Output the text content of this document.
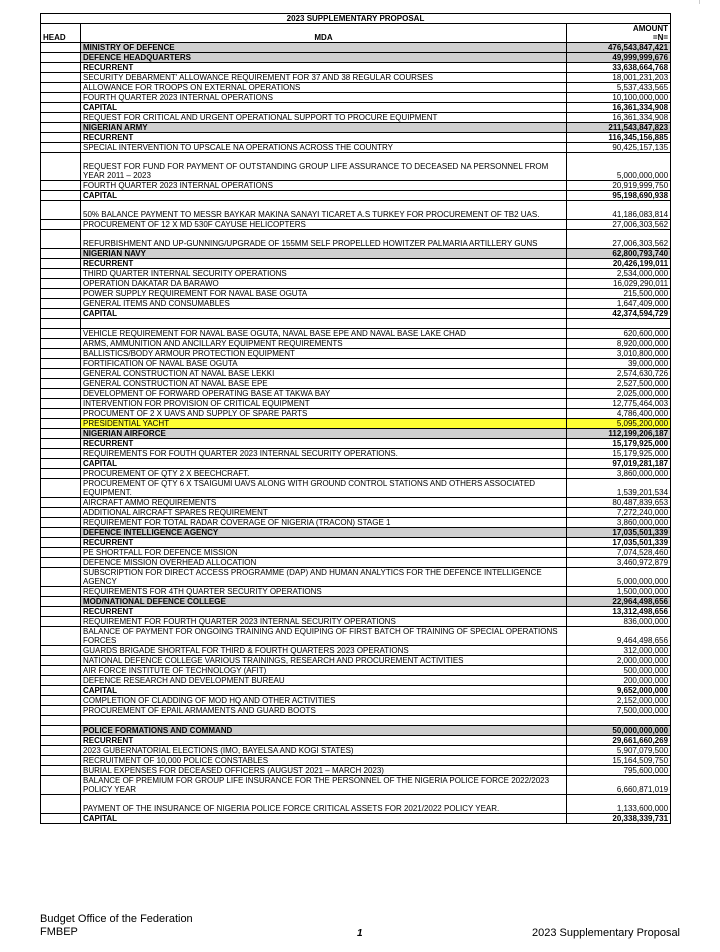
2023 SUPPLEMENTARY PROPOSAL		
HEAD	MDA	AMOUNT
=N=
	MINISTRY OF DEFENCE	476,543,847,421
	DEFENCE HEADQUARTERS	49,999,999,676
	RECURRENT	33,638,664,768
	SECURITY DEBARMENT' ALLOWANCE REQUIREMENT FOR 37 AND 38 REGULAR COURSES	18,001,231,203
	ALLOWANCE FOR TROOPS ON EXTERNAL OPERATIONS	5,537,433,565
	FOURTH QUARTER 2023 INTERNAL OPERATIONS	10,100,000,000
	CAPITAL	16,361,334,908
	REQUEST FOR CRITICAL AND URGENT OPERATIONAL SUPPORT TO PROCURE EQUIPMENT	16,361,334,908
	NIGERIAN ARMY	211,543,847,823
	RECURRENT	116,345,156,885
	SPECIAL INTERVENTION TO UPSCALE NA OPERATIONS ACROSS THE COUNTRY	90,425,157,135
	REQUEST FOR FUND FOR PAYMENT OF OUTSTANDING GROUP LIFE ASSURANCE TO DECEASED NA PERSONNEL FROM YEAR 2011 – 2023	5,000,000,000
	FOURTH QUARTER 2023 INTERNAL OPERATIONS	20,919,999,750
	CAPITAL	95,198,690,938
	50% BALANCE PAYMENT TO MESSR BAYKAR MAKINA SANAYI TICARET A.S TURKEY FOR PROCUREMENT OF TB2 UAS.	41,186,083,814
	PROCUREMENT OF 12 X MD 530F CAYUSE HELICOPTERS	27,006,303,562
	REFURBISHMENT AND UP-GUNNING/UPGRADE OF 155MM SELF PROPELLED HOWITZER PALMARIA ARTILLERY GUNS	27,006,303,562
	NIGERIAN NAVY	62,800,793,740
	RECURRENT	20,426,199,011
	THIRD QUARTER INTERNAL SECURITY OPERATIONS	2,534,000,000
	OPERATION DAKATAR DA BARAWO	16,029,290,011
	POWER SUPPLY REQUIREMENT FOR NAVAL BASE OGUTA	215,500,000
	GENERAL ITEMS AND CONSUMABLES	1,647,409,000
	CAPITAL	42,374,594,729

	VEHICLE REQUIREMENT FOR NAVAL BASE OGUTA, NAVAL BASE EPE AND NAVAL BASE LAKE CHAD	620,600,000
	ARMS, AMMUNITION AND ANCILLARY EQUIPMENT REQUIREMENTS	8,920,000,000
	BALLISTICS/BODY ARMOUR PROTECTION EQUIPMENT	3,010,800,000
	FORTIFICATION OF NAVAL BASE OGUTA	39,000,000
	GENERAL CONSTRUCTION AT NAVAL BASE LEKKI	2,574,630,726
	GENERAL CONSTRUCTION AT NAVAL BASE EPE	2,527,500,000
	DEVELOPMENT OF FORWARD OPERATING BASE AT TAKWA BAY	2,025,000,000
	INTERVENTION FOR PROVISION OF CRITICAL EQUIPMENT	12,775,464,003
	PROCUMENT OF 2 X UAVS AND SUPPLY OF SPARE PARTS	4,786,400,000
	PRESIDENTIAL YACHT	5,095,200,000
	NIGERIAN AIRFORCE	112,199,206,187
	RECURRENT	15,179,925,000
	REQUIREMENTS FOR FOUTH QUARTER 2023 INTERNAL SECURITY OPERATIONS.	15,179,925,000
	CAPITAL	97,019,281,187
	PROCUREMENT OF QTY 2 X BEECHCRAFT.	3,860,000,000
	PROCUREMENT OF QTY 6 X TSAIGUMI UAVS ALONG WITH GROUND CONTROL STATIONS AND OTHERS ASSOCIATED EQUIPMENT.	1,539,201,534
	AIRCRAFT AMMO REQUIREMENTS	80,487,839,653
	ADDITIONAL AIRCRAFT SPARES REQUIREMENT	7,272,240,000
	REQUIREMENT FOR TOTAL RADAR COVERAGE OF NIGERIA (TRACON) STAGE 1	3,860,000,000
	DEFENCE INTELLIGENCE AGENCY	17,035,501,339
	RECURRENT	17,035,501,339
	PE SHORTFALL FOR DEFENCE MISSION	7,074,528,460
	DEFENCE MISSION OVERHEAD ALLOCATION	3,460,972,879
	SUBSCRIPTION FOR DIRECT ACCESS PROGRAMME (DAP) AND HUMAN ANALYTICS FOR THE DEFENCE INTELLIGENCE AGENCY	5,000,000,000
	REQUIREMENTS FOR 4TH QUARTER SECURITY OPERATIONS	1,500,000,000
	MOD/NATIONAL DEFENCE COLLEGE	22,964,498,656
	RECURRENT	13,312,498,656
	REQUIREMENT FOR FOURTH QUARTER 2023 INTERNAL SECURITY OPERATIONS	836,000,000
	BALANCE OF PAYMENT FOR ONGOING TRAINING AND EQUIPING OF FIRST BATCH OF TRAINING OF SPECIAL OPERATIONS FORCES	9,464,498,656
	GUARDS BRIGADE SHORTFAL FOR THIRD & FOURTH QUARTERS 2023 OPERATIONS	312,000,000
	NATIONAL DEFENCE COLLEGE VARIOUS TRAININGS, RESEARCH AND PROCUREMENT ACTIVITIES	2,000,000,000
	AIR FORCE INSTITUTE OF TECHNOLOGY (AFIT)	500,000,000
	DEFENCE RESEARCH AND DEVELOPMENT BUREAU	200,000,000
	CAPITAL	9,652,000,000
	COMPLETION OF CLADDING OF MOD HQ AND OTHER ACTIVITIES	2,152,000,000
	PROCUREMENT OF EPAIL ARMAMENTS AND GUARD BOOTS	7,500,000,000

	POLICE FORMATIONS AND COMMAND	50,000,000,000
	RECURRENT	29,661,660,269
	2023 GUBERNATORIAL ELECTIONS (IMO, BAYELSA AND KOGI STATES)	5,907,079,500
	RECRUITMENT OF 10,000 POLICE CONSTABLES	15,164,509,750
	BURIAL EXPENSES FOR DECEASED OFFICERS (AUGUST 2021 – MARCH 2023)	795,600,000
	BALANCE OF PREMIUM FOR GROUP LIFE INSURANCE FOR THE PERSONNEL OF THE NIGERIA POLICE FORCE 2022/2023 POLICY YEAR	6,660,871,019
	PAYMENT OF THE INSURANCE OF NIGERIA POLICE FORCE CRITICAL ASSETS FOR 2021/2022 POLICY YEAR.	1,133,600,000
	CAPITAL	20,338,339,731
Budget Office of the Federation
FMBEP	1	2023 Supplementary Proposal
